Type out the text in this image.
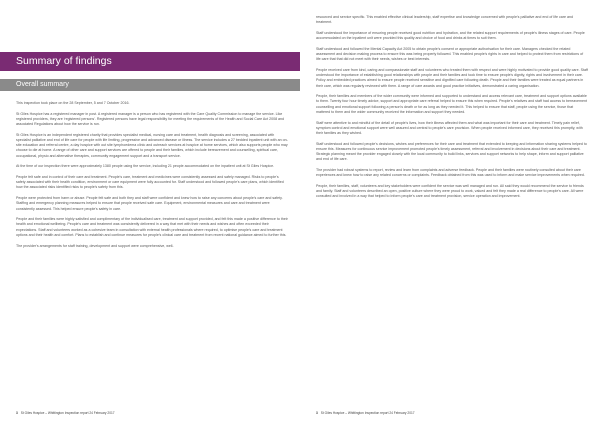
Summary of findings
Overall summary

This inspection took place on the 28 September, 5 and 7 October 2016.

St Giles Hospice has a registered manager in post. A registered manager is a person who has registered with the Care Quality Commission to manage the service. Like registered providers, they are 'registered persons'. Registered persons have legal responsibility for meeting the requirements of the Health and Social Care Act 2008 and associated Regulations about how the service is run.

St Giles Hospice is an independent registered charity that provides specialist medical, nursing care and treatment, health diagnosis and screening, associated with specialist palliative and end of life care for people with life limiting, progressive and advanced disease or illness. The service includes a 27 bedded inpatient unit with an on-site education and referral centre, a day hospice with out site lymphoedema clinic and outreach services at hospice at home services, which also supports people who may choose to die at home. A range of other care and support services are offered to people and their families, which include bereavement and counselling, spiritual care, occupational, physio and alternative therapies, community engagement support and a transport service.

At the time of our inspection there were approximately 1380 people using the service, including 21 people accommodated on the inpatient unit at St Giles Hospice.

People felt safe and in control of their care and treatment. People's care, treatment and medicines were consistently assessed and safely managed. Risks to people's safety associated with their health condition, environment or care equipment were fully accounted for. Staff understood and followed people's care plans, which identified how the associated risks identified risks to people's safety from this.

People were protected from harm or abuse. People felt safe and both they and staff were confident and knew how to raise any concerns about people's care and safety. Staffing and emergency planning measures helped to ensure that people received safe care. Equipment, environmental measures and care and treatment were consistently assessed. This helped ensure people's safety in care.

People and their families were highly satisfied and complimentary of the individualised care, treatment and support provided, and felt this made a positive difference to their health and emotional wellbeing. People's care and treatment was consistently delivered in a way that met with their needs and wishes and often exceeded their expectations. Staff and volunteers worked as a cohesive team in consultation with external health professionals where required, to optimise people's care and treatment options and their health and comfort. Plans to establish and continue measures for people's clinical care and treatment from recent national guidance aimed to further this.

The provider's arrangements for staff training, development and support were comprehensive, well-

3 St Giles Hospice – Whittington Inspection report 24 February 2017

resourced and service specific. This enabled effective clinical leadership, staff expertise and knowledge concerned with people's palliative and end of life care and treatment.

Staff understood the importance of ensuring people received good nutrition and hydration, and the related support requirements of people's illness stages of care. People accommodated on the inpatient unit were provided this quality and choice of food and drinks at times to suit them.

Staff understood and followed the Mental Capacity Act 2005 to obtain people's consent or appropriate authorisation for their care. Managers checked the related assessment and decision making process to ensure this was being properly followed. This enabled people's rights in care and helped to protect them from restrictions of life care that that did not meet with their needs, wishes or best interests.

People received care from kind, caring and compassionate staff and volunteers who treated them with respect and were highly motivated to provide good quality care. Staff understood the importance of establishing good relationships with people and their families and took time to ensure people's dignity, rights and involvement in their care. Policy and embedded practices aimed to ensure people received sensitive and dignified care following death. People and their families were treated as equal partners in their care, which was regularly reviewed with them. A range of care awards and good practice initiatives, demonstrated a caring organisation.

People, their families and members of the wider community were informed and supported to understand and access relevant care, treatment and support options available to them. Twenty four hour timely advice, support and appropriate care referral helped to ensure this when required. People's relatives and staff had access to bereavement counselling and emotional support following a person's death or for as long as they needed it. This helped to ensure that staff, people using the service, those that mattered to them and the wider community received the information and support they needed.

Staff were attentive to and mindful of the detail of people's lives, how their illness affected them and what was important for their care and treatment. Timely pain relief, symptom control and emotional support were well assured and central to people's care provision. When people received informed care, they received this promptly, with their families as they wished.

Staff understood and followed people's decisions, wishes and preferences for their care and treatment that extended to keeping and information sharing systems helped to ensure this. Measures for continuous service improvement promoted people's timely assessment, referral and involvement in decisions about their care and treatment. Strategic planning meant the provider engaged closely with the local community to build links, services and support networks to help shape, inform and support palliative and end of life care.

The provider had robust systems to report, review and learn from complaints and adverse feedback. People and their families were routinely consulted about their care experiences and knew how to raise any related concerns or complaints. Feedback obtained from this was used to inform and make service improvements when required.

People, their families, staff, volunteers and key stakeholders were confident the service was well managed and run. All said they would recommend the service to friends and family. Staff and volunteers described an open, positive culture where they were proud to work, valued and felt they made a real difference to people's care. All were consulted and involved in a way that helped to inform people's care and treatment provision, service operation and improvement.

3 St Giles Hospice – Whittington Inspection report 24 February 2017
